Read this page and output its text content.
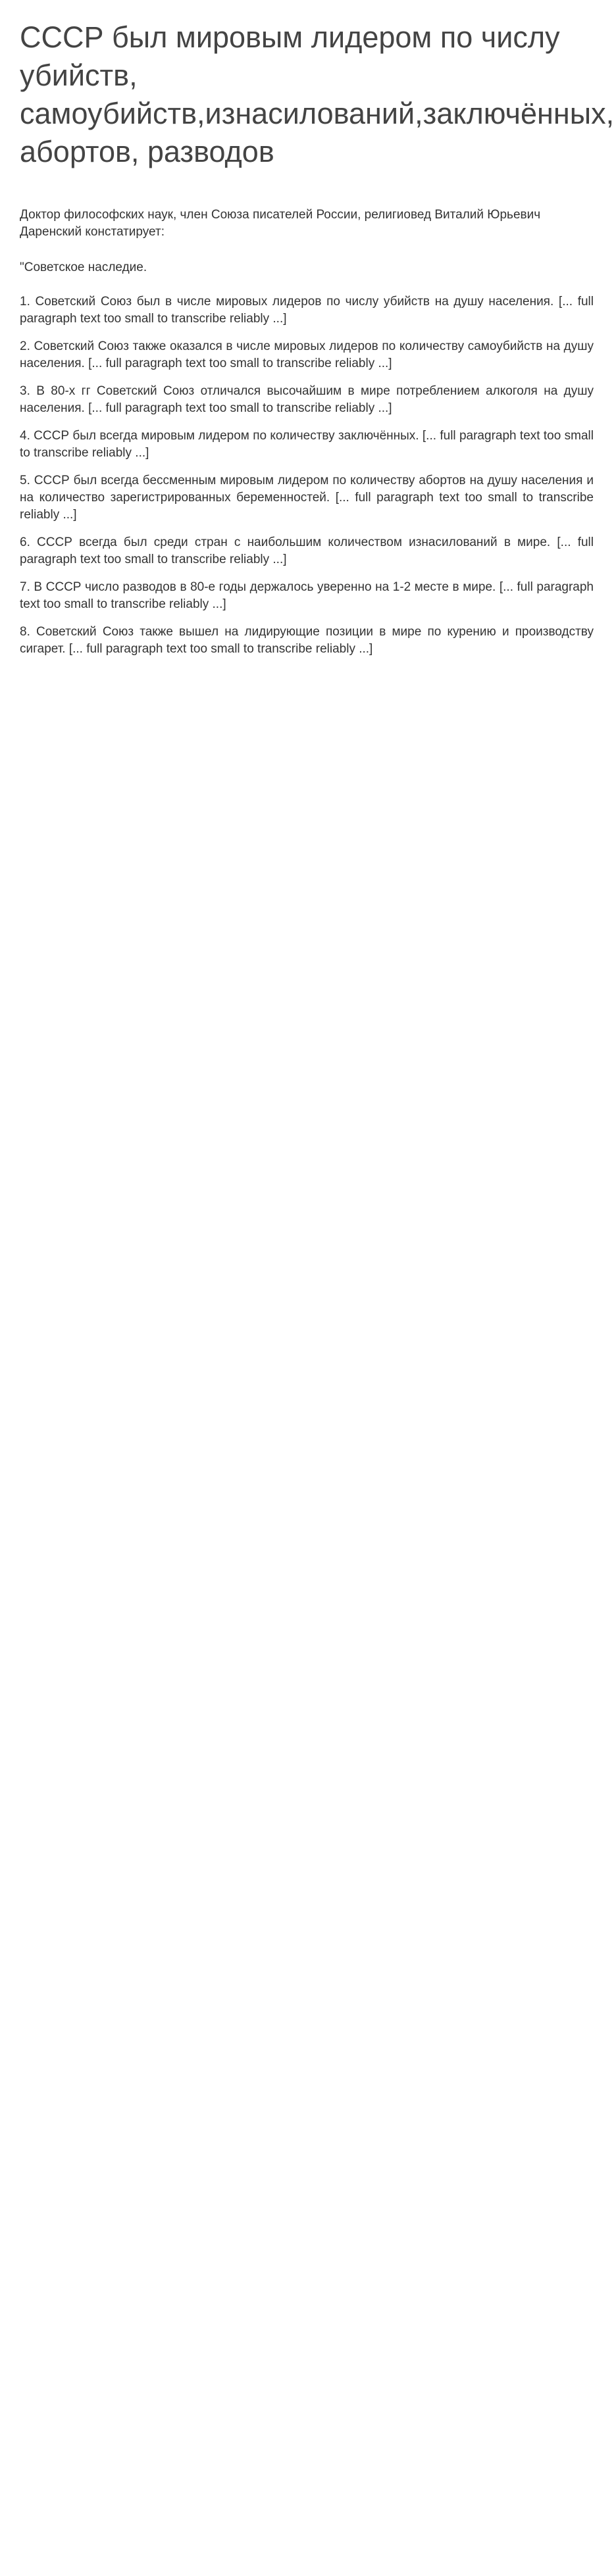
СССР был мировым лидером по числу убийств, самоубийств,изнасилований,заключённых, абортов, разводов

Доктор философских наук, член Союза писателей России, религиовед Виталий Юрьевич Даренский констатирует:

"Советское наследие.

1. Советский Союз был в числе мировых лидеров по числу убийств на душу населения. [... full paragraph text too small to transcribe reliably ...]

2. Советский Союз также оказался в числе мировых лидеров по количеству самоубийств на душу населения. [... full paragraph text too small to transcribe reliably ...]

3. В 80-х гг Советский Союз отличался высочайшим в мире потреблением алкоголя на душу населения. [... full paragraph text too small to transcribe reliably ...]

4. СССР был всегда мировым лидером по количеству заключённых. [... full paragraph text too small to transcribe reliably ...]

5. СССР был всегда бессменным мировым лидером по количеству абортов на душу населения и на количество зарегистрированных беременностей. [... full paragraph text too small to transcribe reliably ...]

6. СССР всегда был среди стран с наибольшим количеством изнасилований в мире. [... full paragraph text too small to transcribe reliably ...]

7. В СССР число разводов в 80-е годы держалось уверенно на 1-2 месте в мире. [... full paragraph text too small to transcribe reliably ...]

8. Советский Союз также вышел на лидирующие позиции в мире по курению и производству сигарет. [... full paragraph text too small to transcribe reliably ...]
